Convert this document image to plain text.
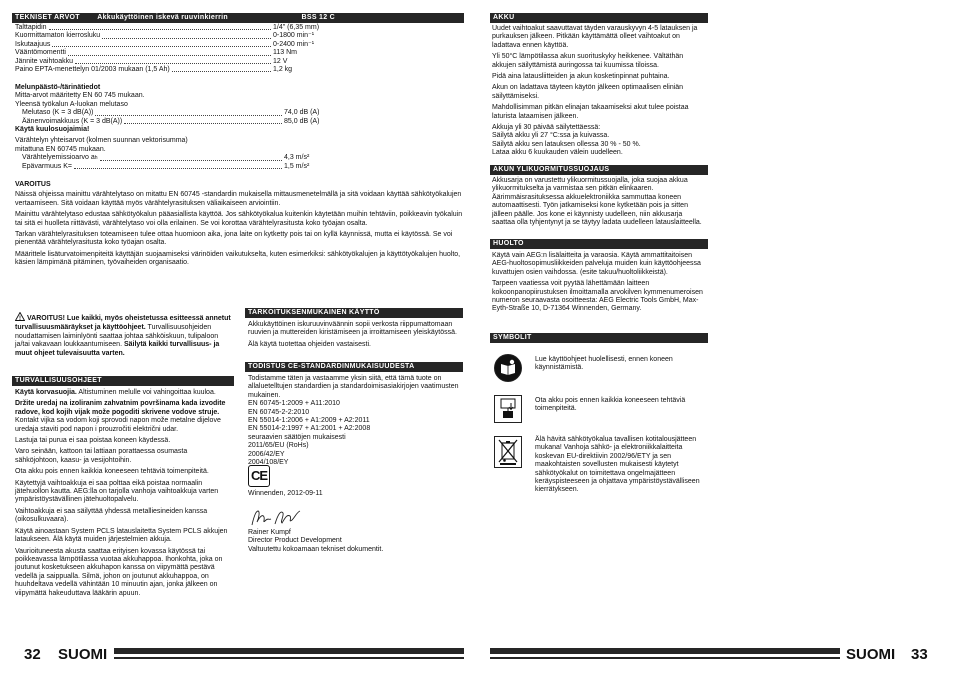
TEKNISET ARVOT Akkukäyttöinen iskevä ruuvinkierrin	BSS 12 C
Talttapidin	1/4" (6,35 mm)
Kuormittamaton kierrosluku	0-1800 min⁻¹
Iskutaajuus	0-2400 min⁻¹
Vääntömomentti	113 Nm
Jännite vaihtoakku	12 V
Paino EPTA-menettelyn 01/2003 mukaan (1,5 Ah)	1,2 kg

Melunpäästö-/tärinätiedot

Mitta-arvot määritetty EN 60 745 mukaan.
Yleensä työkalun A-luokan melutaso
Melutaso (K = 3 dB(A))	74,0 dB (A)
Äänenvoimakkuus (K = 3 dB(A))	85,0 dB (A)
Käytä kuulosuojaimia!
Värähtelyn yhteisarvot (kolmen suunnan vektorisumma)
mitattuna EN 60745 mukaan.
Värähtelyemissioarvo a h	4,3 m/s²
Epävarmuus K=	1,5 m/s²

VAROITUS

Näissä ohjeissa mainittu värähtelytaso on mitattu EN 60745 -standardin mukaisella mittausmenetelmällä ja sitä voidaan käyttää sähkötyökalujen vertaamiseen. Sitä voidaan käyttää myös värähtelyrasituksen väliaikaiseen arviointiin.

Mainittu värähtelytaso edustaa sähkötyökalun pääasiallista käyttöä. Jos sähkötyökalua kuitenkin käytetään muihin tehtäviin, poikkeavin työkaluin tai sitä ei huolleta riittävästi, värähtelytaso voi olla erilainen. Se voi korottaa värähtelyrasitusta koko työajan osalta.

Tarkan värähtelyrasituksen toteamiseen tulee ottaa huomioon aika, jona laite on kytketty pois tai on kyllä käynnissä, mutta ei käytössä. Se voi pienentää värähtelyrasitusta koko työajan osalta.

Määrittele lisäturvatoimenpiteitä käyttäjän suojaamiseksi värinöiden vaikutukselta, kuten esimerkiksi: sähkötyökalujen ja käyttötyökalujen huolto, käsien lämpimänä pitäminen, työvaiheiden organisaatio.

! VAROITUS! Lue kaikki, myös oheistetussa esitteessä annetut turvallisuusmääräykset ja käyttöohjeet. Turvallisuusohjeiden noudattamisen laiminlyönti saattaa johtaa sähköiskuun, tulipaloon ja/tai vakavaan loukkaantumiseen. Säilytä kaikki turvallisuus- ja muut ohjeet tulevaisuutta varten.

TURVALLISUUSOHJEET

Käytä korvasuojia. Altistuminen melulle voi vahingoittaa kuuloa.

Držite uredaj na izoliranim zahvatnim površinama kada izvodite radove, kod kojih vijak može pogoditi skrivene vodove struje. Kontakt vijka sa vodom koji sprovodi napon može metalne dijelove uredaja staviti pod napon i prouzročiti električni udar.

Lastuja tai purua ei saa poistaa koneen käydessä.

Varo seinään, kattoon tai lattiaan porattaessa osumasta sähköjohtoon, kaasu- ja vesijohtoihin.

Ota akku pois ennen kaikkia koneeseen tehtäviä toimenpiteitä.

Käytettyjä vaihtoakkuja ei saa polttaa eikä poistaa normaalin jätehuollon kautta. AEG:lla on tarjolla vanhoja vaihtoakkuja varten ympäristöystävällinen jätehuoltopalvelu.

Vaihtoakkuja ei saa säilyttää yhdessä metalliesineiden kanssa (oikosulkuvaara).

Käytä ainoastaan System PCLS latauslaitetta System PCLS akkujen lataukseen. Älä käytä muiden järjestelmien akkuja.

Vaurioituneesta akusta saattaa erityisen kovassa käytössä tai poikkeavassa lämpötilassa vuotaa akkuhappoa. Ihonkohta, joka on joutunut kosketukseen akkuhapon kanssa on viipymättä pestävä vedellä ja saippualla. Silmä, johon on joutunut akkuhappoa, on huuhdeltava vedellä vähintään 10 minuutin ajan, jonka jälkeen on viipymättä hakeuduttava lääkärin apuun.

TARKOITUKSENMUKAINEN KÄYTTÖ

Akkukäyttöinen iskuruuvinväännin sopii verkosta riippumattomaan ruuvien ja muttereiden kiristämiseen ja irroittamiseen yleiskäytössä.

Älä käytä tuotettaa ohjeiden vastaisesti.

TODISTUS CE-STANDARDINMUKAISUUDESTA

Todistamme täten ja vastaamme yksin siitä, että tämä tuote on allaluetelltujen standardien ja standardoimisasiakirjojen vaatimusten mukainen.

EN 60745-1:2009 + A11:2010
EN 60745-2-2:2010
EN 55014-1:2006 + A1:2009 + A2:2011
EN 55014-2:1997 + A1:2001 + A2:2008
seuraavien säätöjen mukaisesti
2011/65/EU (RoHs)
2006/42/EY
2004/108/EY
CE
Winnenden, 2012-09-11
Rainer Kumpf
Director Product Development
Valtuutettu kokoamaan tekniset dokumentit.
32 SUOMI
AKKU

Uudet vaihtoakut saavuttavat täyden varauskyvyn 4-5 latauksen ja purkauksen jälkeen. Pitkään käyttämättä olleet vaihtoakut on ladattava ennen käyttöä.

Yli 50°C lämpötilassa akun suorituskyky heikkenee. Vältäthän akkujen säilyttämistä auringossa tai kuumissa tiloissa.

Pidä aina latausliitteiden ja akun kosketinpinnat puhtaina.

Akun on ladattava täyteen käytön jälkeen optimaalisen eliniän säilyttämiseksi.

Mahdollisimman pitkän elinajan takaamiseksi akut tulee poistaa laturista lataamisen jälkeen.

Akkuja yli 30 päivää säilytettäessä:
Säilytä akku yli 27 °C:ssa ja kuivassa.
Säilytä akku sen latauksen ollessa 30 % - 50 %.
Lataa akku 6 kuukauden välein uudelleen.

AKUN YLIKUORMITUSSUOJAUS

Akkusarja on varustettu ylikuormitussuojalla, joka suojaa akkua ylikuormitukselta ja varmistaa sen pitkän elinkaaren. Äärimmäisrasituksessa akkuelektroniikka sammuttaa koneen automaattisesti. Työn jatkamiseksi kone kytketään pois ja sitten jälleen päälle. Jos kone ei käynnisty uudelleen, niin akkusarja saattaa olla tyhjentynyt ja se täytyy ladata uudelleen latauslaitteella.

HUOLTO

Käytä vain AEG:n lisälaitteita ja varaosia. Käytä ammattitaitoisen AEG-huoltosopimusliikkeiden palveluja muiden kuin käyttöohjeessa kuvattujen osien vaihdossa. (esite takuu/huoltoliikkeistä).

Tarpeen vaatiessa voit pyytää lähettämään laitteen kokoonpanopiirustuksen ilmoittamalla arvokilven kymmenumeroisen numeron seuraavasta osoitteesta: AEG Electric Tools GmbH, Max-Eyth-Straße 10, D-71364 Winnenden, Germany.

SYMBOLIT
Lue käyttöohjeet huolellisesti, ennen koneen käynnistämistä.
Ota akku pois ennen kaikkia koneeseen tehtäviä toimenpiteitä.
Älä hävitä sähkötyökalua tavallisen kotitalousjätteen mukana! Vanhoja sähkö- ja elektroniikkalaitteita koskevan EU-direktiivin 2002/96/ETY ja sen maakohtaisten sovellusten mukaisesti käytetyt sähkötyökalut on toimitettava ongelmajätteen keräyspisteeseen ja ohjattava ympäristöystävälliseen kierrätykseen.
SUOMI 33
